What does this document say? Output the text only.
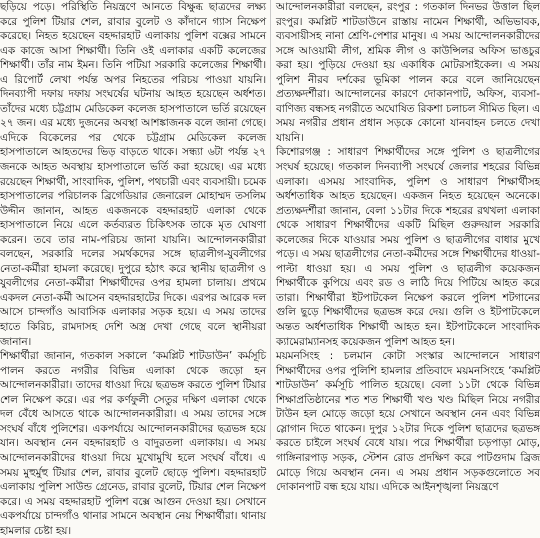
ছড়িয়ে পড়ে। পরিস্থিতি নিয়ন্ত্রণে আনতে বিক্ষুব্ধ ছাত্রদের লক্ষ্য করে পুলিশ টিয়ার শেল, রাবার বুলেট ও কাঁদানে গ্যাস নিক্ষেপ করেছে। নিহত হয়েছেন বহদ্দারহাট এলাকায় পুলিশ বক্সের সামনে এক কাজে আসা শিক্ষার্থী। তিনি ওই এলাকার একটি কলেজের শিক্ষার্থী। তাঁর নাম ইমন। তিনি পটিয়া সরকারি কলেজের শিক্ষার্থী। এ রিপোর্ট লেখা পর্যন্ত অপর নিহতের পরিচয় পাওয়া যায়নি। দিনব্যাপী দফায় দফায় সংঘর্ষের ঘটনায় আহত হয়েছেন অর্ধশত। তাঁদের মধ্যে চট্টগ্রাম মেডিকেল কলেজ হাসপাতালে ভর্তি রয়েছেন ২৭ জন। এর মধ্যে দুজনের অবস্থা আশঙ্কাজনক বলে জানা গেছে। এদিকে বিকেলের পর থেকে চট্টগ্রাম মেডিকেল কলেজ হাসপাতালে আহতদের ভিড় বাড়তে থাকে। সন্ধ্যা ৬টা পর্যন্ত ২৭ জনকে আহত অবস্থায় হাসপাতালে ভর্তি করা হয়েছে। এর মধ্যে রয়েছেন শিক্ষার্থী, সাংবাদিক, পুলিশ, পথচারী এবং ব্যবসায়ী। চমেক হাসপাতালের পরিচালক ব্রিগেডিয়ার জেনারেল মোহাম্মদ তসলিম উদ্দীন জানান, আহত একজনকে বহদ্দারহাট এলাকা থেকে হাসপাতালে নিয়ে এলে কর্তব্যরত চিকিৎসক তাকে মৃত ঘোষণা করেন। তবে তার নাম-পরিচয় জানা যায়নি। আন্দোলনকারীরা বলছেন, সরকারি দলের সমর্থকদের সঙ্গে ছাত্রলীগ-যুবলীগের নেতা-কর্মীরা হামলা করেছে। দুপুরে হঠাৎ করে স্থানীয় ছাত্রলীগ ও যুবলীগের নেতা-কর্মীরা শিক্ষার্থীদের ওপর হামলা চালায়। প্রথমে একদল নেতা-কর্মী আসেন বহদ্দারহাটের দিকে। এরপর আরেক দল আসে চান্দগাঁও আবাসিক এলাকার সড়ক হয়ে। এ সময় তাদের হাতে কিরিচ, রামদাসহ দেশি অস্ত্র দেখা গেছে বলে স্থানীয়রা জানান।

শিক্ষার্থীরা জানান, গতকাল সকালে ‘কমপ্লিট শাটডাউন’ কর্মসূচি পালন করতে নগরীর বিভিন্ন এলাকা থেকে জড়ো হন আন্দোলনকারীরা। তাদের ধাওয়া দিয়ে ছত্রভঙ্গ করতে পুলিশ টিয়ার শেল নিক্ষেপ করে। এর পর কর্ণফুলী সেতুর দক্ষিণ এলাকা থেকে দল বেঁধে আসতে থাকে আন্দোলনকারীরা। এ সময় তাদের সঙ্গে সংঘর্ষ বাঁধে পুলিশের। একপর্যায়ে আন্দোলনকারীদের ছত্রভঙ্গ হয়ে যান। অবস্থান নেন বহদ্দারহাট ও বাদুরতলা এলাকায়। এ সময় আন্দোলনকারীদের ধাওয়া দিয়ে মুখোমুখি হলে সংঘর্ষ বাঁধে। এ সময় মুহুর্মুহু টিয়ার শেল, রাবার বুলেট ছোড়ে পুলিশ। বহদ্দারহাট এলাকায় পুলিশ সাউন্ড গ্রেনেড, রাবার বুলেট, টিয়ার শেল নিক্ষেপ করে। এ সময় বহদ্দারহাট পুলিশ বক্সে আগুন দেওয়া হয়। সেখানে একপর্যায়ে চান্দগাঁও থানার সামনে অবস্থান নেয় শিক্ষার্থীরা। থানায় হামলার চেষ্টা হয়।

আন্দোলনকারীরা বলছেন, রংপুর : গতকাল দিনভর উত্তাল ছিল রংপুর। কমপ্লিট শাটডাউনে রাস্তায় নামেন শিক্ষার্থী, অভিভাবক, ব্যবসায়ীসহ নানা শ্রেণি-পেশার মানুষ। এ সময় আন্দোলনকারীদের সঙ্গে আওয়ামী লীগ, শ্রমিক লীগ ও কাউন্সিলর অফিস ভাঙচুর করা হয়। পুড়িয়ে দেওয়া হয় একাধিক মোটরসাইকেল। এ সময় পুলিশ নীরব দর্শকের ভূমিকা পালন করে বলে জানিয়েছেন প্রত্যক্ষদর্শীরা। আন্দোলনের কারণে দোকানপাট, অফিস, ব্যবসা-বাণিজ্য বন্ধসহ নগরীতে অঘোষিত রিকশা চলাচল সীমিত ছিল। এ সময় নগরীর প্রধান প্রধান সড়কে কোনো যানবাহন চলতে দেখা যায়নি।

কিশোরগঞ্জ : সাধারণ শিক্ষার্থীদের সঙ্গে পুলিশ ও ছাত্রলীগের সংঘর্ষ হয়েছে। গতকাল দিনব্যাপী সংঘর্ষে জেলার শহরের বিভিন্ন এলাকা। এসময় সাংবাদিক, পুলিশ ও সাধারণ শিক্ষার্থীসহ অর্ধশতাধিক আহত হয়েছেন। একজন নিহত হয়েছেন অনেকে। প্রত্যক্ষদর্শীরা জানান, বেলা ১১টার দিকে শহরের রথখলা এলাকা থেকে সাধারণ শিক্ষার্থীদের একটি মিছিল গুরুদয়াল সরকারি কলেজের দিকে যাওয়ার সময় পুলিশ ও ছাত্রলীগের বাধার মুখে পড়ে। এ সময় ছাত্রলীগের নেতা-কর্মীদের সঙ্গে শিক্ষার্থীদের ধাওয়া-পাল্টা ধাওয়া হয়। এ সময় পুলিশ ও ছাত্রলীগ কয়েকজন শিক্ষার্থীকে কুপিয়ে এবং রড ও লাঠি দিয়ে পিটিয়ে আহত করে তারা। শিক্ষার্থীরা ইটপাটকেল নিক্ষেপ করলে পুলিশ শটগানের গুলি ছুড়ে শিক্ষার্থীদের ছত্রভঙ্গ করে দেয়। গুলি ও ইটপাটকেলে অন্তত অর্ধশতাধিক শিক্ষার্থী আহত হন। ইটপাটকেলে সাংবাদিক ক্যামেরাম্যানসহ কয়েকজন পুলিশ আহত হন।

ময়মনসিংহ : চলমান কোটা সংস্কার আন্দোলনে সাধারণ শিক্ষার্থীদের ওপর পুলিশি হামলার প্রতিবাদে ময়মনসিংহে ‘কমপ্লিট শাটডাউন’ কর্মসূচি পালিত হয়েছে। বেলা ১১টা থেকে বিভিন্ন শিক্ষাপ্রতিষ্ঠানের শত শত শিক্ষার্থী খণ্ড খণ্ড মিছিল নিয়ে নগরীর টাউন হল মোড়ে জড়ো হয়ে সেখানে অবস্থান নেন এবং বিভিন্ন স্লোগান দিতে থাকেন। দুপুর ১২টার দিকে পুলিশ ছাত্রদের ছত্রভঙ্গ করতে চাইলে সংঘর্ষ বেধে যায়। পরে শিক্ষার্থীরা চড়পাড়া মোড়, গাঙ্গিনারপাড় সড়ক, স্টেশন রোড প্রদক্ষিণ করে পাটগুদাম ব্রিজ মোড়ে গিয়ে অবস্থান নেন। এ সময় প্রধান সড়কগুলোতে সব দোকানপাট বন্ধ হয়ে যায়। এদিকে আইনশৃঙ্খলা নিয়ন্ত্রণে
